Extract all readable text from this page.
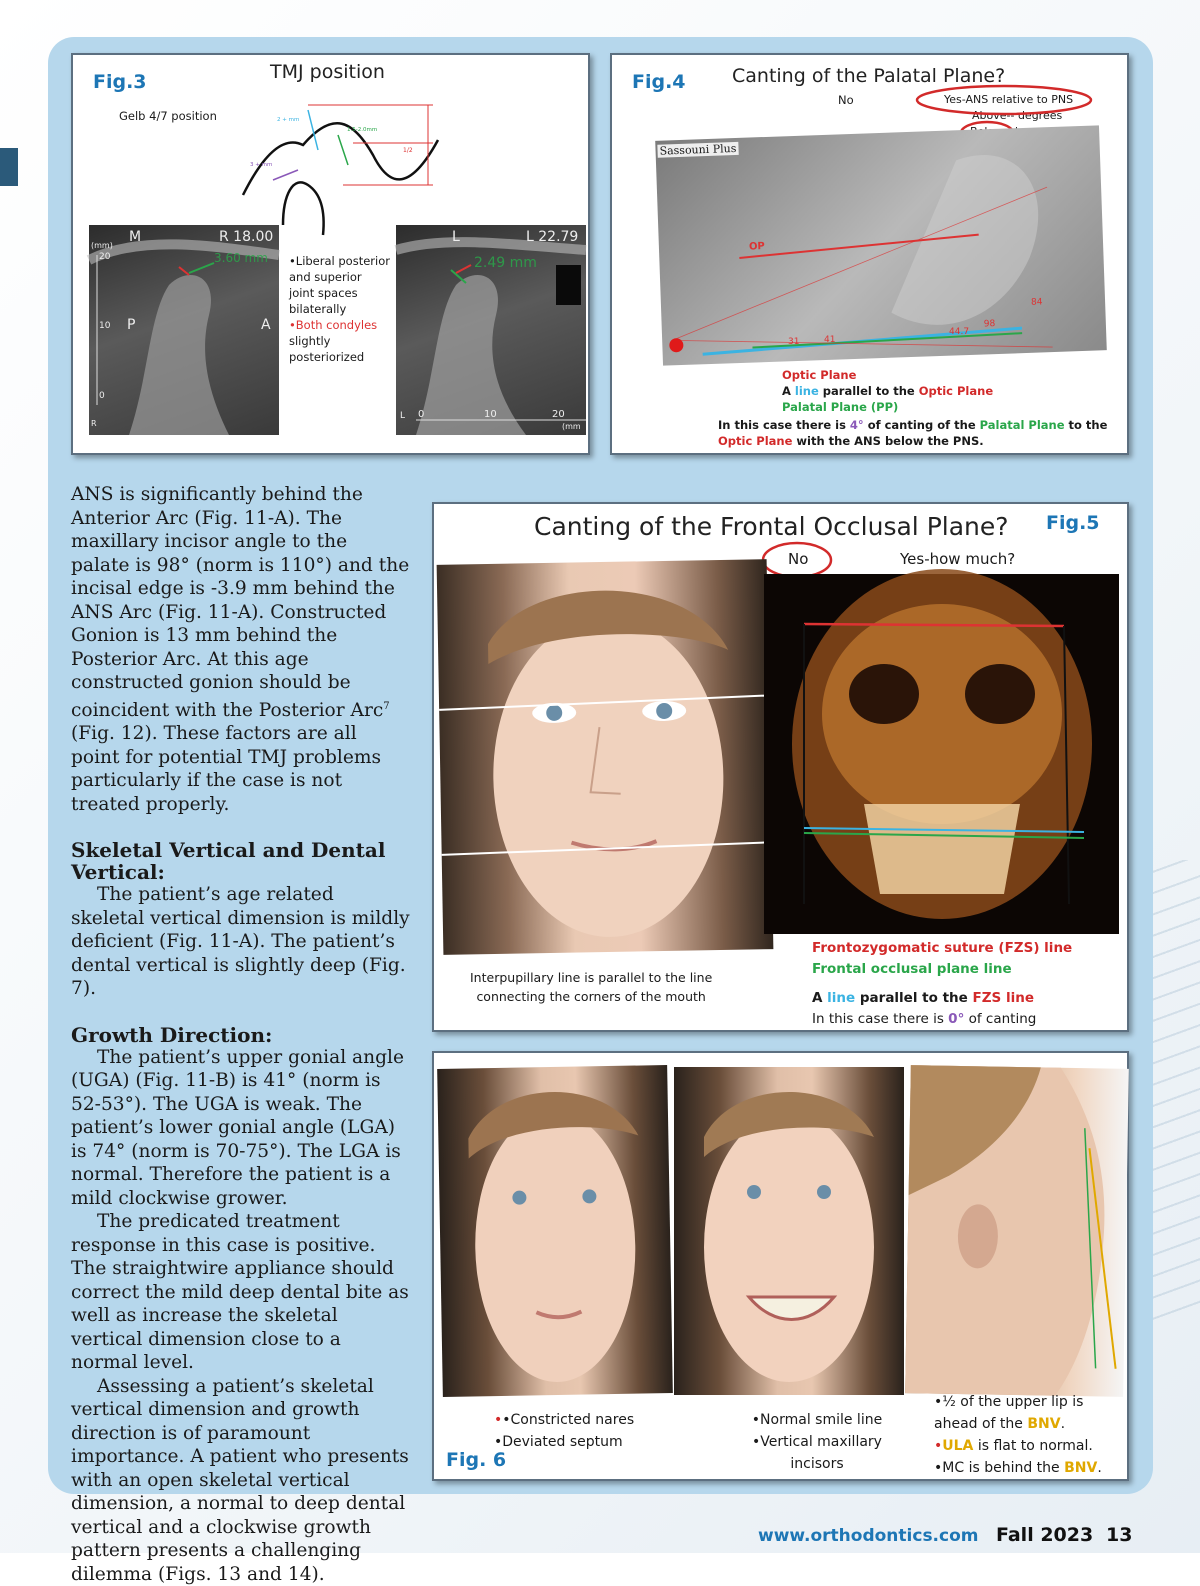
Fig.3	TMJ position
Gelb 4/7 position	2 + mm
1.5-2.0mm
3 + mm
1/2
M	R 18.00
(mm)
20
10
0
P	A
R
3.60 mm •Liberal posterior
and superior
joint spaces
bilaterally
•Both condyles
slightly
posteriorized
L	L 22.79
2.49 mm
L 0	10	20
(mm
Fig.4 Canting of the Palatal Plane?
No	Yes-ANS relative to PNS
Above-- degrees
Sassouni Plus
OP
84
98
44.7
31	41
Optic Plane
A line parallel to the Optic Plane
Palatal Plane (PP)
In this case there is 4° of canting of the Palatal Plane to the
Optic Plane with the ANS below the PNS.

ANS is significantly behind the Anterior Arc (Fig. 11-A). The maxillary incisor angle to the palate is 98° (norm is 110°) and the incisal edge is -3.9 mm behind the ANS Arc (Fig. 11-A). Constructed Gonion is 13 mm behind the Posterior Arc. At this age constructed gonion should be coincident with the Posterior Arc$^7$ (Fig. 12). These factors are all point for potential TMJ problems particularly if the case is not treated properly.

Skeletal Vertical and Dental Vertical:

The patient’s age related skeletal vertical dimension is mildly deficient (Fig. 11-A). The patient’s dental vertical is slightly deep (Fig. 7).

Growth Direction:

The patient’s upper gonial angle (UGA) (Fig. 11-B) is 41° (norm is 52-53°). The UGA is weak. The patient’s lower gonial angle (LGA) is 74° (norm is 70-75°). The LGA is normal. Therefore the patient is a mild clockwise grower.

The predicated treatment response in this case is positive. The straightwire appliance should correct the mild deep dental bite as well as increase the skeletal vertical dimension close to a normal level.

Assessing a patient’s skeletal vertical dimension and growth direction is of paramount importance. A patient who presents with an open skeletal vertical dimension, a normal to deep dental vertical and a clockwise growth pattern presents a challenging dilemma (Figs. 13 and 14).

Canting of the Frontal Occlusal Plane? Fig.5
No	Yes-how much?
Interpupillary line is parallel to the line
connecting the corners of the mouth
Frontozygomatic suture (FZS) line
Frontal occlusal plane line
A line parallel to the FZS line
In this case there is 0° of canting
••Constricted nares
•Deviated septum
Fig. 6
•Normal smile line
•Vertical maxillary
incisors
•½ of the upper lip is
ahead of the BNV.
•ULA is flat to normal.
•MC is behind the BNV.
www.orthodontics.com Fall 2023 13
